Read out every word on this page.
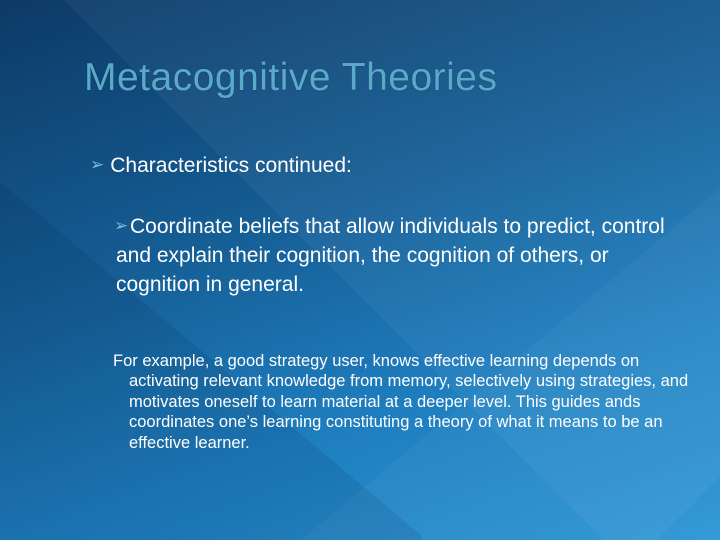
Metacognitive Theories
➢ Characteristics continued:
➢ Coordinate beliefs that allow individuals to predict, control and explain their cognition, the cognition of others, or cognition in general.
For example, a good strategy user, knows effective learning depends on activating relevant knowledge from memory, selectively using strategies, and motivates oneself to learn material at a deeper level. This guides ands coordinates one’s learning constituting a theory of what it means to be an effective learner.
